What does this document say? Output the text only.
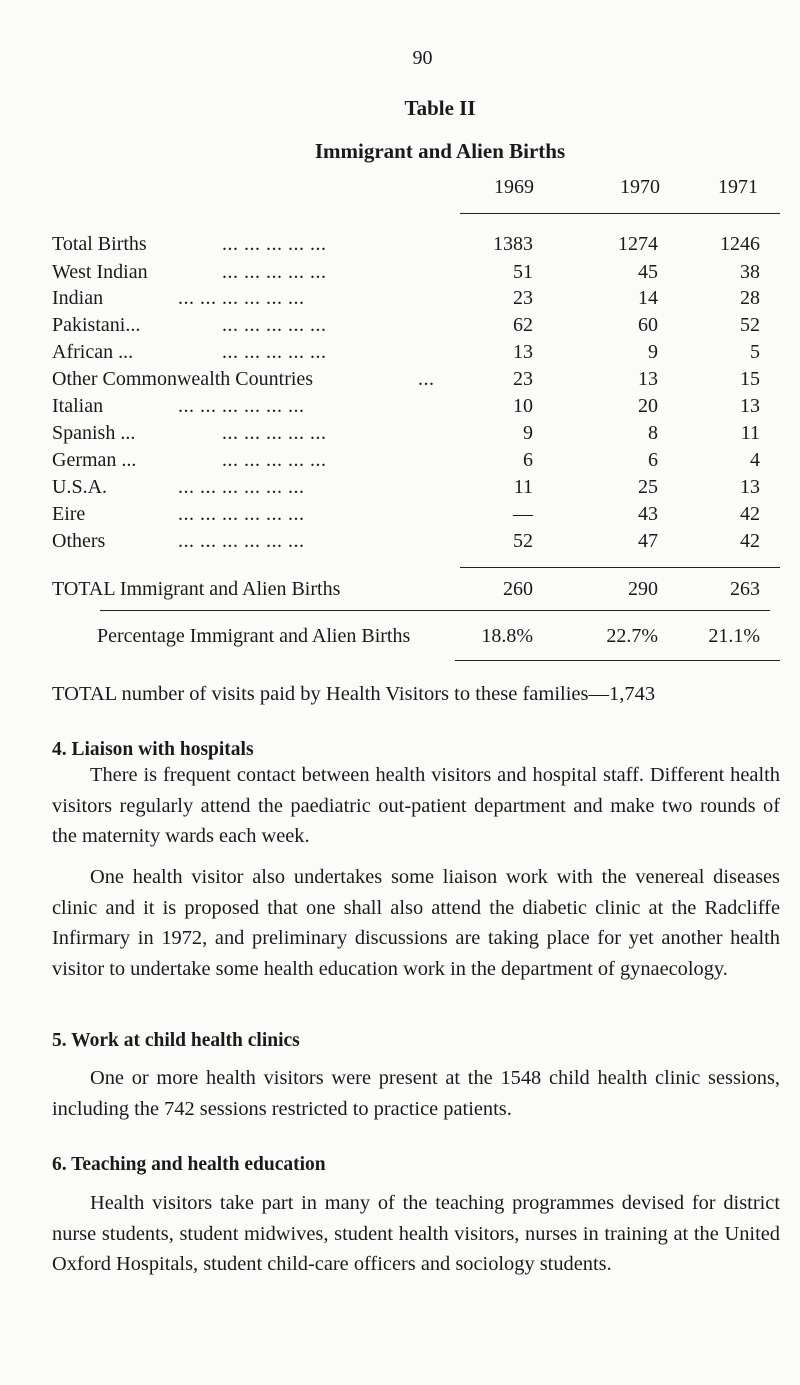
90
Table II
Immigrant and Alien Births
1969	1970	1971
Total Births	... ... ... ... ...	1383	1274	1246
West Indian	... ... ... ... ...	51	45	38
Indian	... ... ... ... ... ...	23	14	28
Pakistani...	... ... ... ... ...	62	60	52
African ...	... ... ... ... ...	13	9	5
Other Commonwealth Countries	...	23	13	15
Italian	... ... ... ... ... ...	10	20	13
Spanish ...	... ... ... ... ...	9	8	11
German ...	... ... ... ... ...	6	6	4
U.S.A.	... ... ... ... ... ...	11	25	13
Eire	... ... ... ... ... ...	—	43	42
Others	... ... ... ... ... ...	52	47	42
TOTAL Immigrant and Alien Births	260	290	263
Percentage Immigrant and Alien Births	18.8%	22.7%	21.1%
TOTAL number of visits paid by Health Visitors to these families—1,743
4. Liaison with hospitals

There is frequent contact between health visitors and hospital staff. Different health visitors regularly attend the paediatric out-patient department and make two rounds of the maternity wards each week.

One health visitor also undertakes some liaison work with the venereal diseases clinic and it is proposed that one shall also attend the diabetic clinic at the Radcliffe Infirmary in 1972, and preliminary discussions are taking place for yet another health visitor to undertake some health education work in the department of gynaecology.

5. Work at child health clinics

One or more health visitors were present at the 1548 child health clinic sessions, including the 742 sessions restricted to practice patients.

6. Teaching and health education

Health visitors take part in many of the teaching programmes devised for district nurse students, student midwives, student health visitors, nurses in training at the United Oxford Hospitals, student child-care officers and sociology students.
